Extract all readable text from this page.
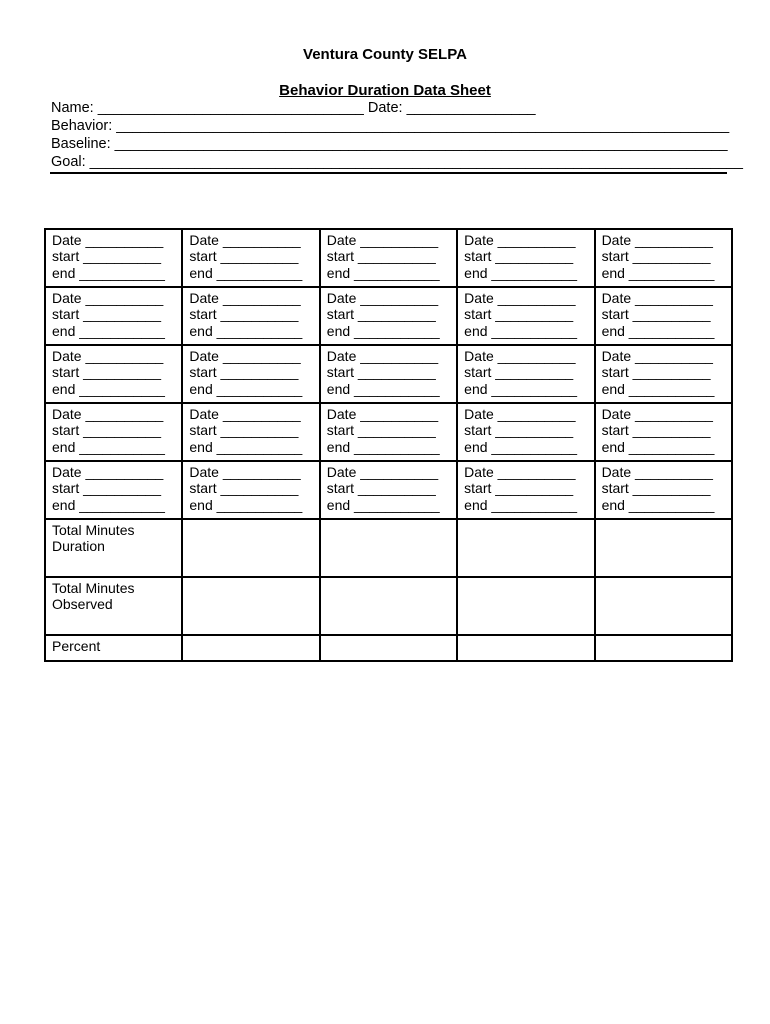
Ventura County SELPA
Behavior Duration Data Sheet
Name: _________________________________ Date: ________________
Behavior: ____________________________________________________________________________
Baseline: ____________________________________________________________________________
Goal: _________________________________________________________________________________
Date __________
start __________
end ___________	Date __________
start __________
end ___________	Date __________
start __________
end ___________	Date __________
start __________
end ___________	Date __________
start __________
end ___________

Date __________
start __________
end ___________	Date __________
start __________
end ___________	Date __________
start __________
end ___________	Date __________
start __________
end ___________	Date __________
start __________
end ___________

Date __________
start __________
end ___________	Date __________
start __________
end ___________	Date __________
start __________
end ___________	Date __________
start __________
end ___________	Date __________
start __________
end ___________

Date __________
start __________
end ___________	Date __________
start __________
end ___________	Date __________
start __________
end ___________	Date __________
start __________
end ___________	Date __________
start __________
end ___________

Date __________
start __________
end ___________	Date __________
start __________
end ___________	Date __________
start __________
end ___________	Date __________
start __________
end ___________	Date __________
start __________
end ___________

Total Minutes
Duration				
Total Minutes
Observed				
Percent				
